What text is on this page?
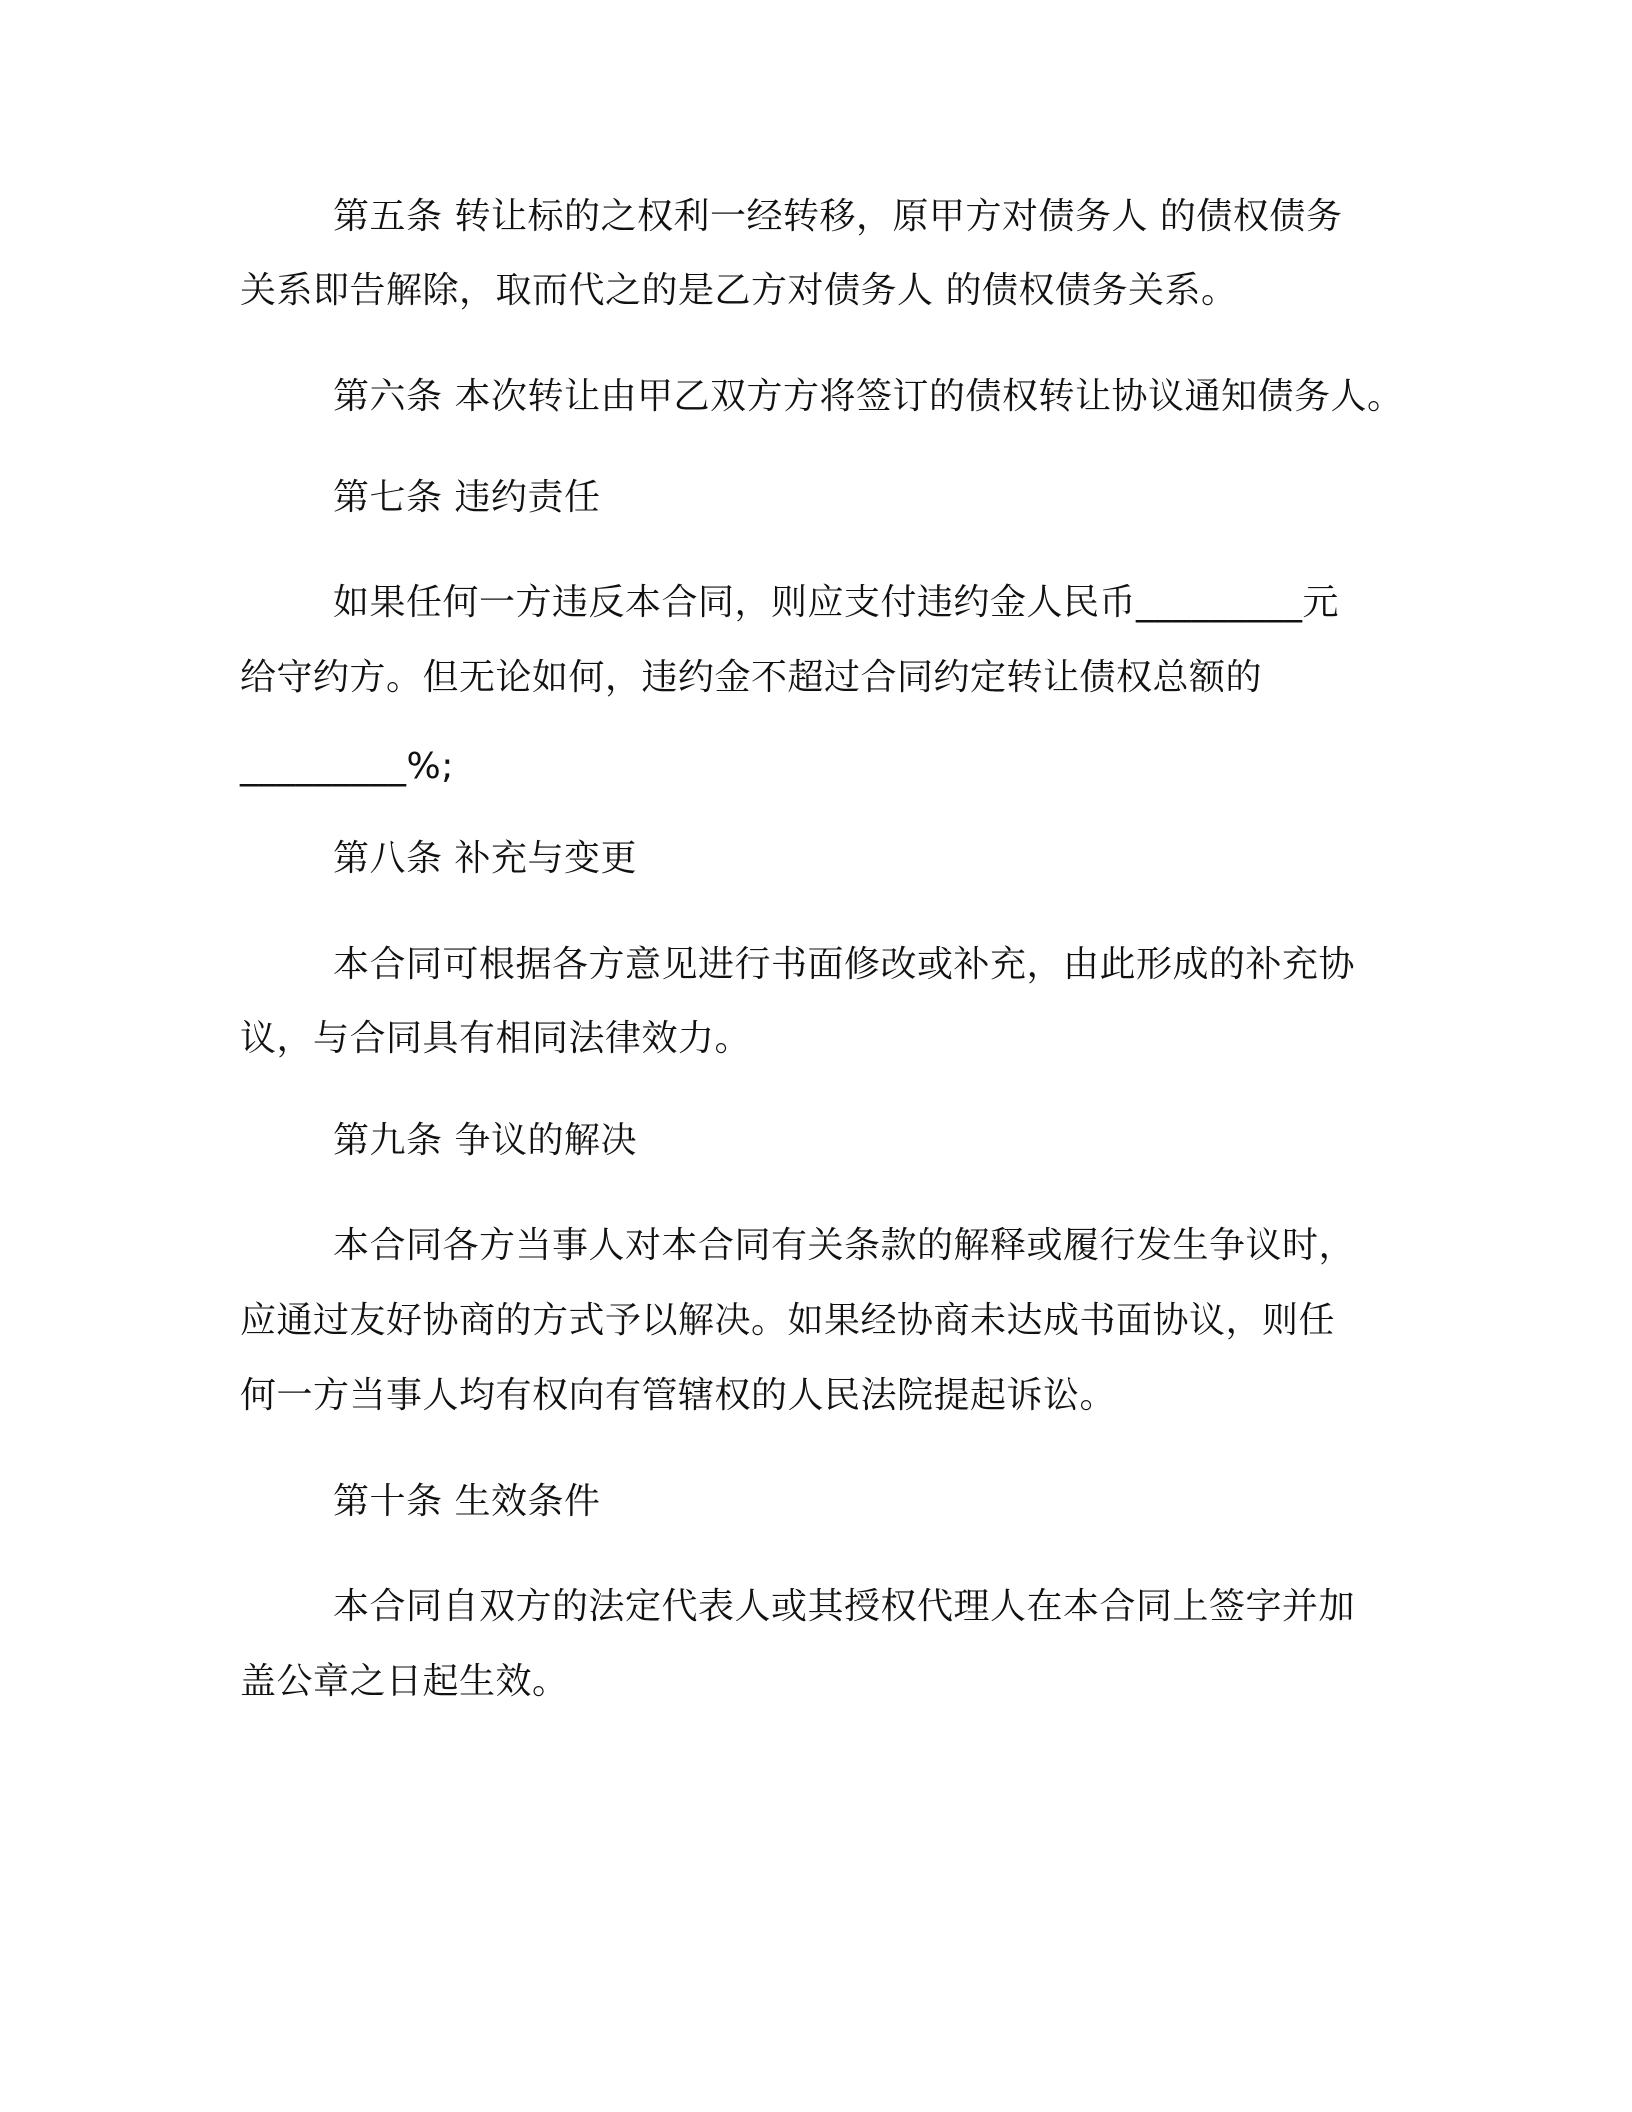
第五条 转让标的之权利一经转移，原甲方对债务人 的债权债务
关系即告解除，取而代之的是乙方对债务人 的债权债务关系。
第六条 本次转让由甲乙双方方将签订的债权转让协议通知债务人。
第七条 违约责任
如果任何一方违反本合同，则应支付违约金人民币_________元
给守约方。但无论如何，违约金不超过合同约定转让债权总额的
_________%;
第八条 补充与变更
本合同可根据各方意见进行书面修改或补充，由此形成的补充协
议，与合同具有相同法律效力。
第九条 争议的解决
本合同各方当事人对本合同有关条款的解释或履行发生争议时，
应通过友好协商的方式予以解决。如果经协商未达成书面协议，则任
何一方当事人均有权向有管辖权的人民法院提起诉讼。
第十条 生效条件
本合同自双方的法定代表人或其授权代理人在本合同上签字并加
盖公章之日起生效。
